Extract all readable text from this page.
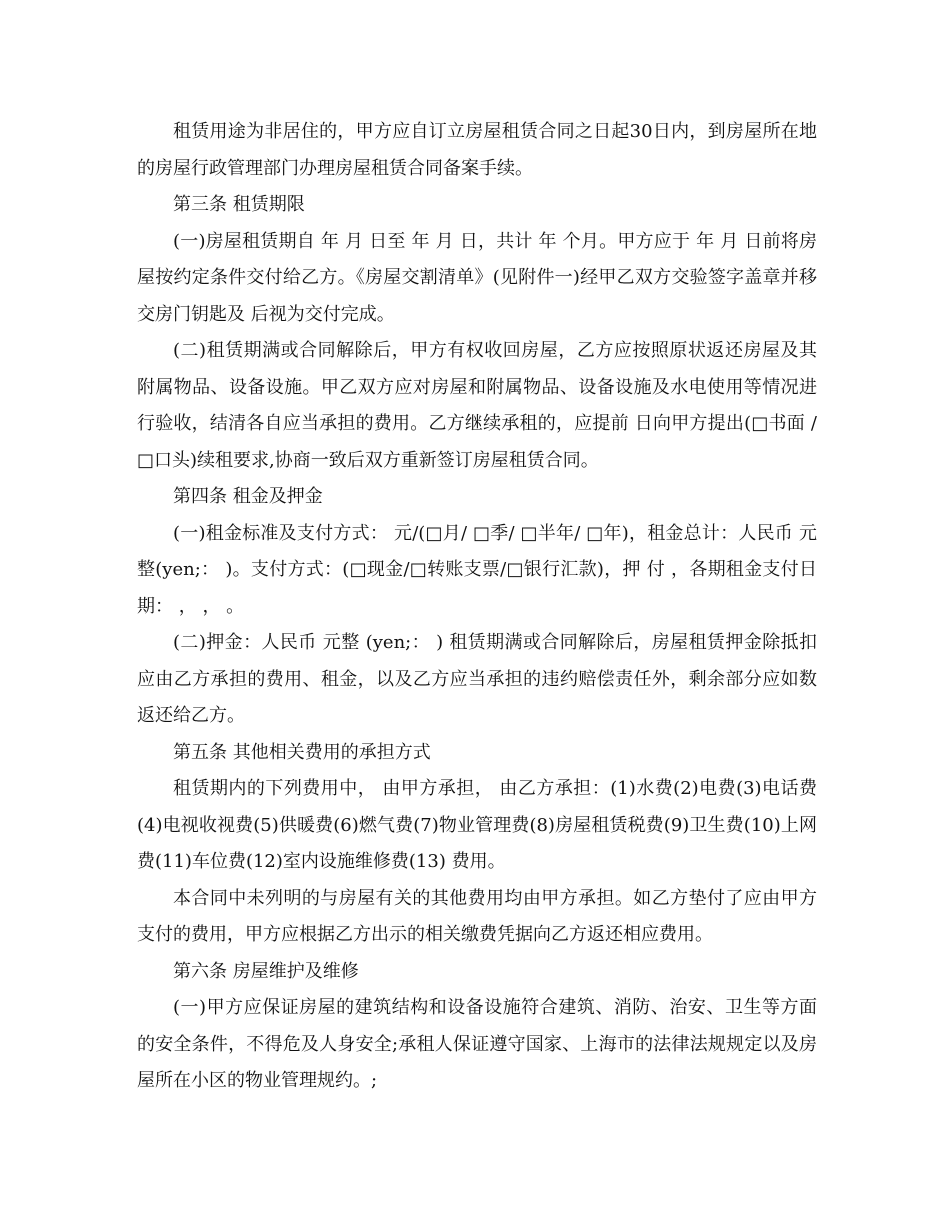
租赁用途为非居住的，甲方应自订立房屋租赁合同之日起30日内，到房屋所在地的房屋行政管理部门办理房屋租赁合同备案手续。

第三条 租赁期限

(一)房屋租赁期自 年 月 日至 年 月 日，共计 年 个月。甲方应于 年 月 日前将房屋按约定条件交付给乙方。《房屋交割清单》(见附件一)经甲乙双方交验签字盖章并移交房门钥匙及 后视为交付完成。

(二)租赁期满或合同解除后，甲方有权收回房屋，乙方应按照原状返还房屋及其附属物品、设备设施。甲乙双方应对房屋和附属物品、设备设施及水电使用等情况进行验收，结清各自应当承担的费用。乙方继续承租的，应提前 日向甲方提出(□书面 / □口头)续租要求,协商一致后双方重新签订房屋租赁合同。

第四条 租金及押金

(一)租金标准及支付方式： 元/(□月/ □季/ □半年/ □年)，租金总计：人民币 元整(yen;： )。支付方式：(□现金/□转账支票/□银行汇款)，押 付 ，各期租金支付日期： ， ， 。

(二)押金：人民币 元整 (yen;： ) 租赁期满或合同解除后，房屋租赁押金除抵扣应由乙方承担的费用、租金，以及乙方应当承担的违约赔偿责任外，剩余部分应如数返还给乙方。

第五条 其他相关费用的承担方式

租赁期内的下列费用中， 由甲方承担， 由乙方承担：(1)水费(2)电费(3)电话费(4)电视收视费(5)供暖费(6)燃气费(7)物业管理费(8)房屋租赁税费(9)卫生费(10)上网费(11)车位费(12)室内设施维修费(13) 费用。

本合同中未列明的与房屋有关的其他费用均由甲方承担。如乙方垫付了应由甲方支付的费用，甲方应根据乙方出示的相关缴费凭据向乙方返还相应费用。

第六条 房屋维护及维修

(一)甲方应保证房屋的建筑结构和设备设施符合建筑、消防、治安、卫生等方面的安全条件，不得危及人身安全;承租人保证遵守国家、上海市的法律法规规定以及房屋所在小区的物业管理规约。;
